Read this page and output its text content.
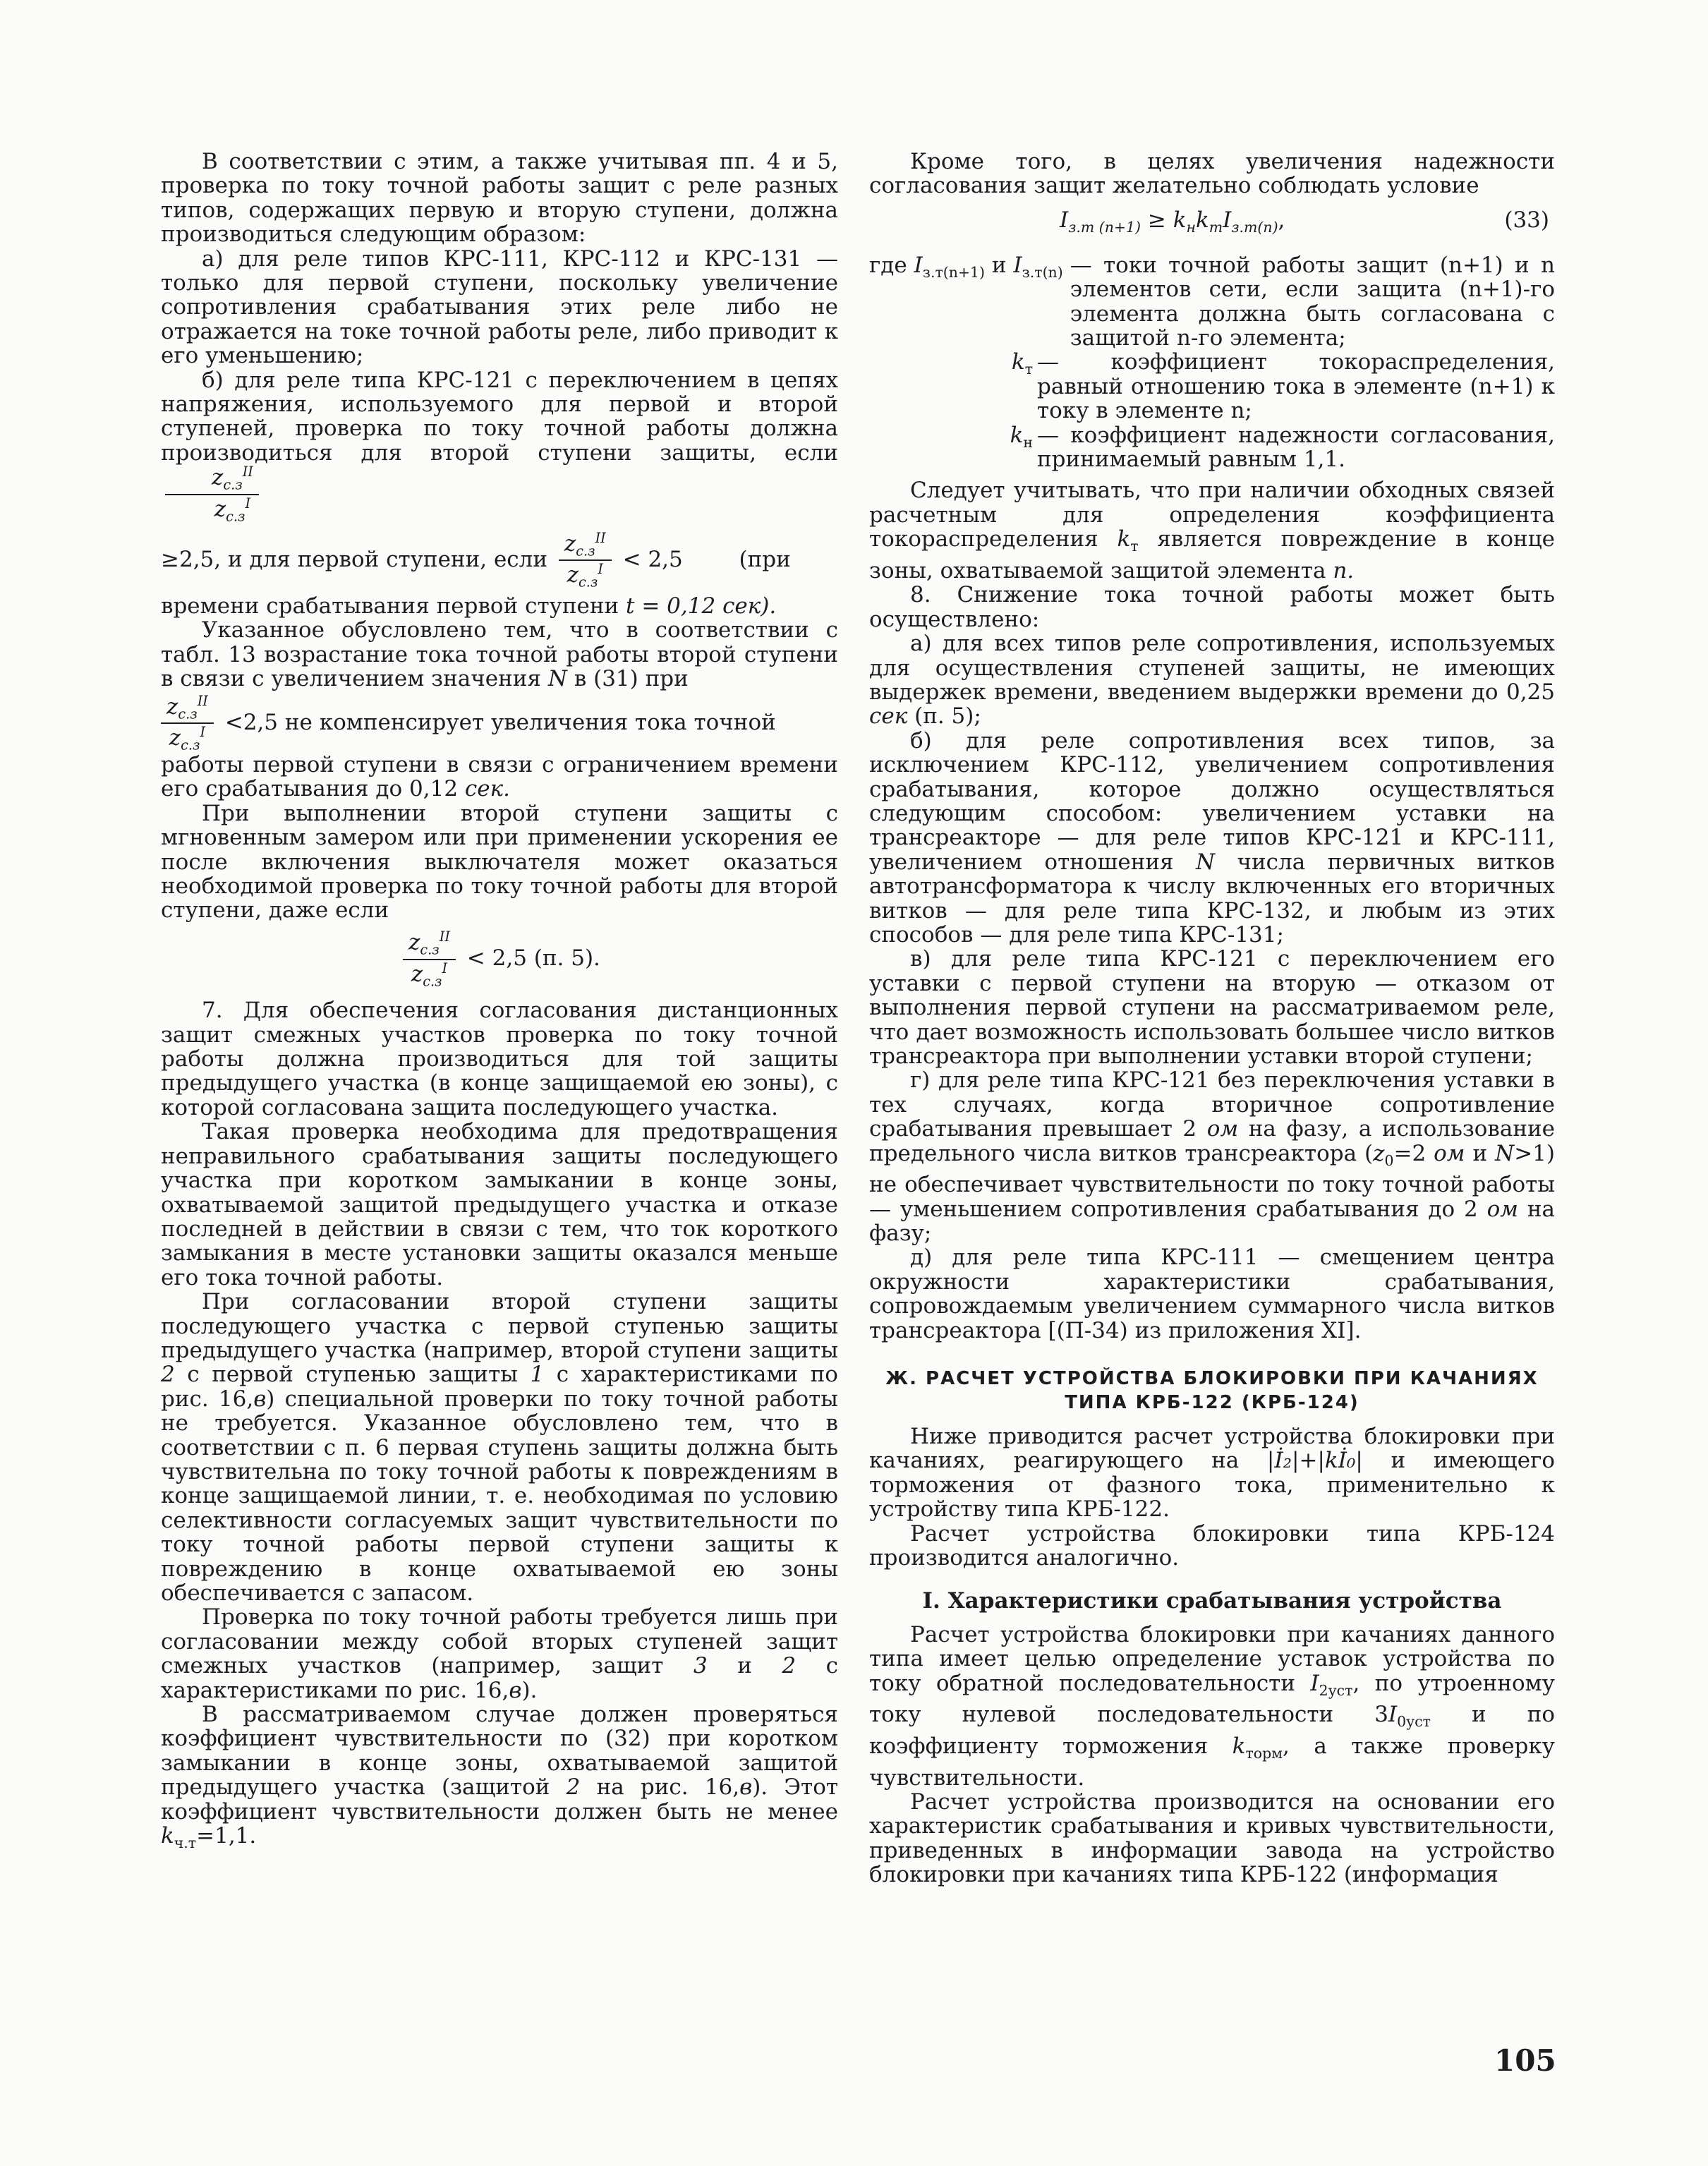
В соответствии с этим, а также учитывая пп. 4 и 5, проверка по току точной работы защит с реле разных типов, содержащих первую и вторую ступени, должна производиться следующим образом:

а) для реле типов КРС-111, КРС-112 и КРС-131 — только для первой ступени, поскольку увеличение сопротивления срабатывания этих реле либо не отражается на токе точной работы реле, либо приводит к его уменьшению;

б) для реле типа КРС-121 с переключением в цепях напряжения, используемого для первой и второй ступеней, проверка по току точной работы должна производиться для второй ступени защиты, если
$z_{с.з}^{II}$
$z_{с.з}^I$

≥2,5, и для первой ступени, если
$z_{с.з}^{II}$
$z_{с.з}^I < 2,5$	(при

времени срабатывания первой ступени t = 0,12 сек).

Указанное обусловлено тем, что в соответствии с табл. 13 возрастание тока точной работы второй ступени в связи с увеличением значения N в (31) при

$z_{с.з}^{II}$
$z_{с.з}^I <2,5$ не компенсирует увеличения тока точной

работы первой ступени в связи с ограничением времени его срабатывания до 0,12 сек.

При выполнении второй ступени защиты с мгновенным замером или при применении ускорения ее после включения выключателя может оказаться необходимой проверка по току точной работы для второй ступени, даже если

$z_{с.з}^{II}$
$z_{с.з}^I < 2,5$ (п. 5).

7. Для обеспечения согласования дистанционных защит смежных участков проверка по току точной работы должна производиться для той защиты предыдущего участка (в конце защищаемой ею зоны), с которой согласована защита последующего участка.

Такая проверка необходима для предотвращения неправильного срабатывания защиты последующего участка при коротком замыкании в конце зоны, охватываемой защитой предыдущего участка и отказе последней в действии в связи с тем, что ток короткого замыкания в месте установки защиты оказался меньше его тока точной работы.

При согласовании второй ступени защиты последующего участка с первой ступенью защиты предыдущего участка (например, второй ступени защиты 2 с первой ступенью защиты 1 с характеристиками по рис. 16,в) специальной проверки по току точной работы не требуется. Указанное обусловлено тем, что в соответствии с п. 6 первая ступень защиты должна быть чувствительна по току точной работы к повреждениям в конце защищаемой линии, т. е. необходимая по условию селективности согласуемых защит чувствительности по току точной работы первой ступени защиты к повреждению в конце охватываемой ею зоны обеспечивается с запасом.

Проверка по току точной работы требуется лишь при согласовании между собой вторых ступеней защит смежных участков (например, защит 3 и 2 с характеристиками по рис. 16,в).

В рассматриваемом случае должен проверяться коэффициент чувствительности по (32) при коротком замыкании в конце зоны, охватываемой защитой предыдущего участка (защитой 2 на рис. 16,в). Этот коэффициент чувствительности должен быть не менее $k_{ч.т}=1,1$.

Кроме того, в целях увеличения надежности согласования защит желательно соблюдать условие

$I_{з.т (n+1)} \ge k_нk_тI_{з.т(n)}$,	(33)
где $I_{з.т(n+1)}$ и $I_{з.т(n)}$ — токи точной работы защит (n+1) и n элементов сети, если защита (n+1)-го элемента должна быть согласована с защитой n-го элемента;
$k_т$ — коэффициент токораспределения, равный отношению тока в элементе (n+1) к току в элементе n;
$k_н$ — коэффициент надежности согласования, принимаемый равным 1,1.

Следует учитывать, что при наличии обходных связей расчетным для определения коэффициента токораспределения $k_т$ является повреждение в конце зоны, охватываемой защитой элемента n.

8. Снижение тока точной работы может быть осуществлено:

а) для всех типов реле сопротивления, используемых для осуществления ступеней защиты, не имеющих выдержек времени, введением выдержки времени до 0,25 сек (п. 5);

б) для реле сопротивления всех типов, за исключением КРС-112, увеличением сопротивления срабатывания, которое должно осуществляться следующим способом: увеличением уставки на трансреакторе — для реле типов КРС-121 и КРС-111, увеличением отношения N числа первичных витков автотрансформатора к числу включенных его вторичных витков — для реле типа КРС-132, и любым из этих способов — для реле типа КРС-131;

в) для реле типа КРС-121 с переключением его уставки с первой ступени на вторую — отказом от выполнения первой ступени на рассматриваемом реле, что дает возможность использовать большее число витков трансреактора при выполнении уставки второй ступени;

г) для реле типа КРС-121 без переключения уставки в тех случаях, когда вторичное сопротивление срабатывания превышает 2 ом на фазу, а использование предельного числа витков трансреактора ($z_0=2$ ом и N>1) не обеспечивает чувствительности по току точной работы — уменьшением сопротивления срабатывания до 2 ом на фазу;

д) для реле типа КРС-111 — смещением центра окружности характеристики срабатывания, сопровождаемым увеличением суммарного числа витков трансреактора [(П-34) из приложения XI].

Ж. РАСЧЕТ УСТРОЙСТВА БЛОКИРОВКИ ПРИ КАЧАНИЯХ
ТИПА КРБ-122 (КРБ-124)

Ниже приводится расчет устройства блокировки при качаниях, реагирующего на |İ₂|+|kİ₀| и имеющего торможения от фазного тока, применительно к устройству типа КРБ-122.

Расчет устройства блокировки типа КРБ-124 производится аналогично.

I. Характеристики срабатывания устройства

Расчет устройства блокировки при качаниях данного типа имеет целью определение уставок устройства по току обратной последовательности $I_{2уст}$, по утроенному току нулевой последовательности $3I_{0уст}$ и по коэффициенту торможения $k_{торм}$, а также проверку чувствительности.

Расчет устройства производится на основании его характеристик срабатывания и кривых чувствительности, приведенных в информации завода на устройство блокировки при качаниях типа КРБ-122 (информация

105
